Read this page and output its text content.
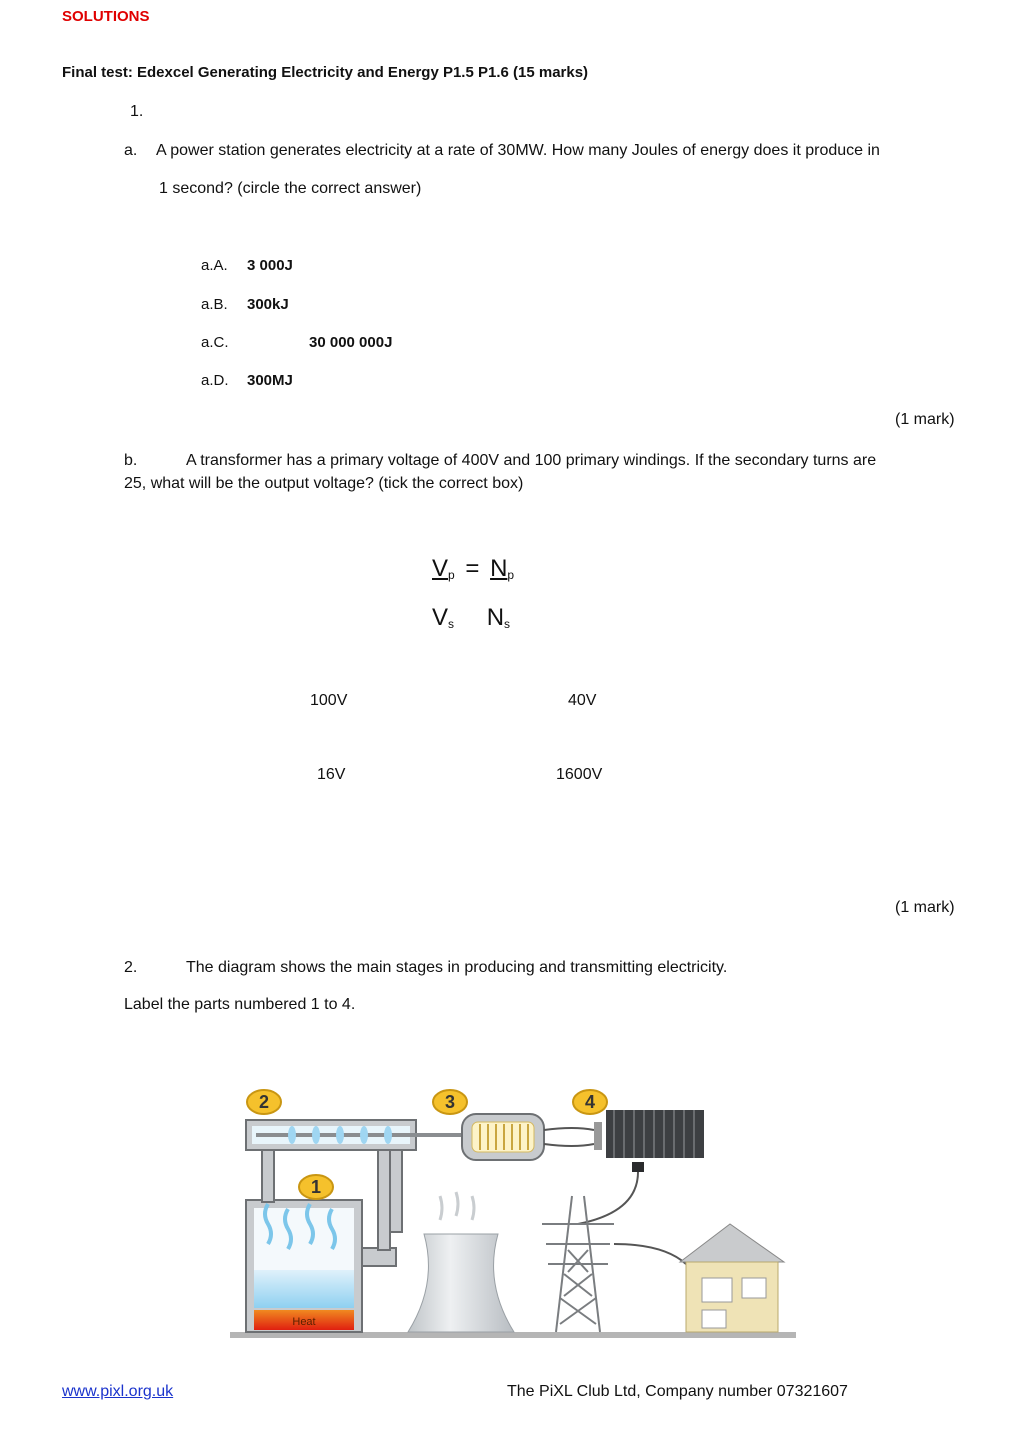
SOLUTIONS
Final test: Edexcel Generating Electricity and Energy P1.5 P1.6 (15 marks)
1.
a. A power station generates electricity at a rate of 30MW. How many Joules of energy does it produce in
1 second? (circle the correct answer)
a.A. 3 000J
a.B. 300kJ
a.C.	30 000 000J
a.D. 300MJ
(1 mark)
b.	A transformer has a primary voltage of 400V and 100 primary windings. If the secondary turns are
25, what will be the output voltage? (tick the correct box)
$V_p = N_p$
$V_s$ $N_s$
100V	40V
16V	1600V
(1 mark)
2.	The diagram shows the main stages in producing and transmitting electricity.
Label the parts numbered 1 to 4.
Heat
2	3	4
1
www.pixl.org.uk	The PiXL Club Ltd, Company number 07321607
